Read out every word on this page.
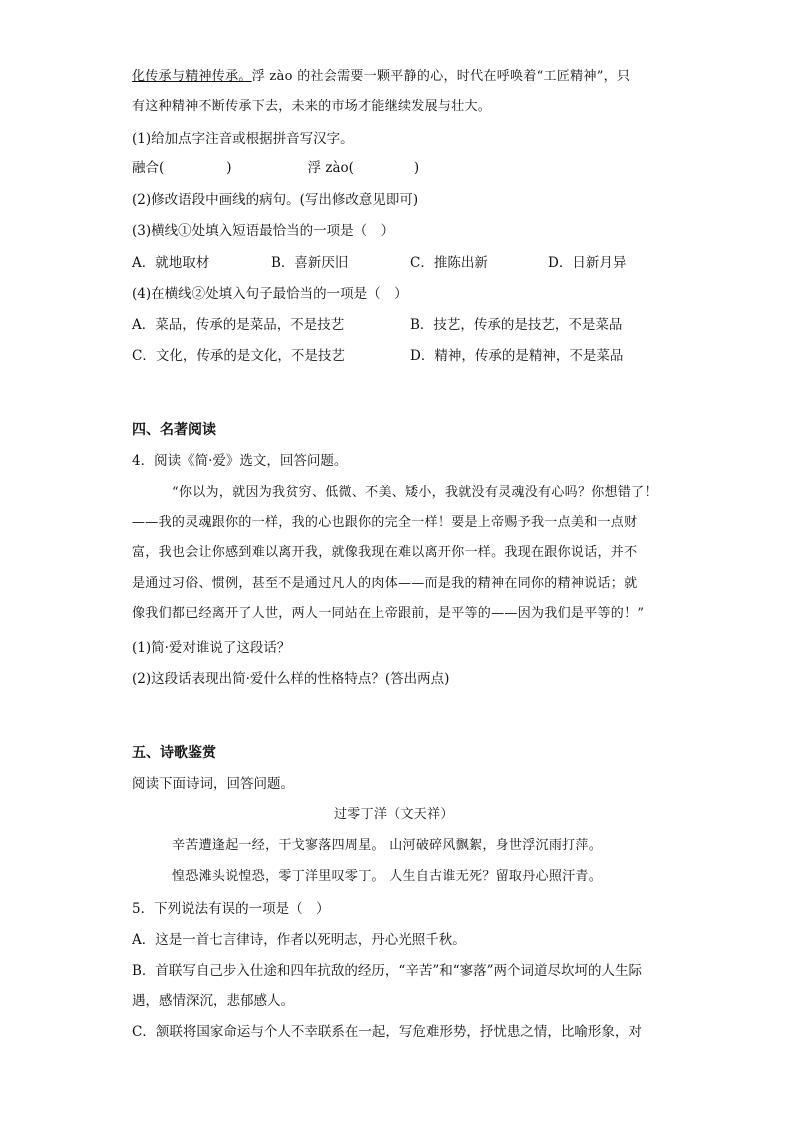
化传承与精神传承。浮 zào 的社会需要一颗平静的心，时代在呼唤着“工匠精神”，只
有这种精神不断传承下去，未来的市场才能继续发展与壮大。
(1)给加点字注音或根据拼音写汉字。
融合(	)	浮 zào(	)
(2)修改语段中画线的病句。(写出修改意见即可)
(3)横线①处填入短语最恰当的一项是（　）
A．就地取材	B．喜新厌旧	C．推陈出新	D．日新月异
(4)在横线②处填入句子最恰当的一项是（　）
A．菜品，传承的是菜品，不是技艺	B．技艺，传承的是技艺，不是菜品
C．文化，传承的是文化，不是技艺	D．精神，传承的是精神，不是菜品
四、名著阅读
4．阅读《简·爱》选文，回答问题。
“你以为，就因为我贫穷、低微、不美、矮小，我就没有灵魂没有心吗？你想错了！
——我的灵魂跟你的一样，我的心也跟你的完全一样！要是上帝赐予我一点美和一点财
富，我也会让你感到难以离开我，就像我现在难以离开你一样。我现在跟你说话，并不
是通过习俗、惯例，甚至不是通过凡人的肉体——而是我的精神在同你的精神说话；就
像我们都已经离开了人世，两人一同站在上帝跟前，是平等的——因为我们是平等的！”
(1)简·爱对谁说了这段话？
(2)这段话表现出简·爱什么样的性格特点？(答出两点)
五、诗歌鉴赏
阅读下面诗词，回答问题。
过零丁洋（文天祥）
辛苦遭逢起一经，干戈寥落四周星。 山河破碎风飘絮，身世浮沉雨打萍。
惶恐滩头说惶恐，零丁洋里叹零丁。 人生自古谁无死？留取丹心照汗青。
5．下列说法有误的一项是（　）
A．这是一首七言律诗，作者以死明志，丹心光照千秋。
B．首联写自己步入仕途和四年抗敌的经历，“辛苦”和“寥落”两个词道尽坎坷的人生际
遇，感情深沉，悲郁感人。
C．颔联将国家命运与个人不幸联系在一起，写危难形势，抒忧患之情，比喻形象，对
